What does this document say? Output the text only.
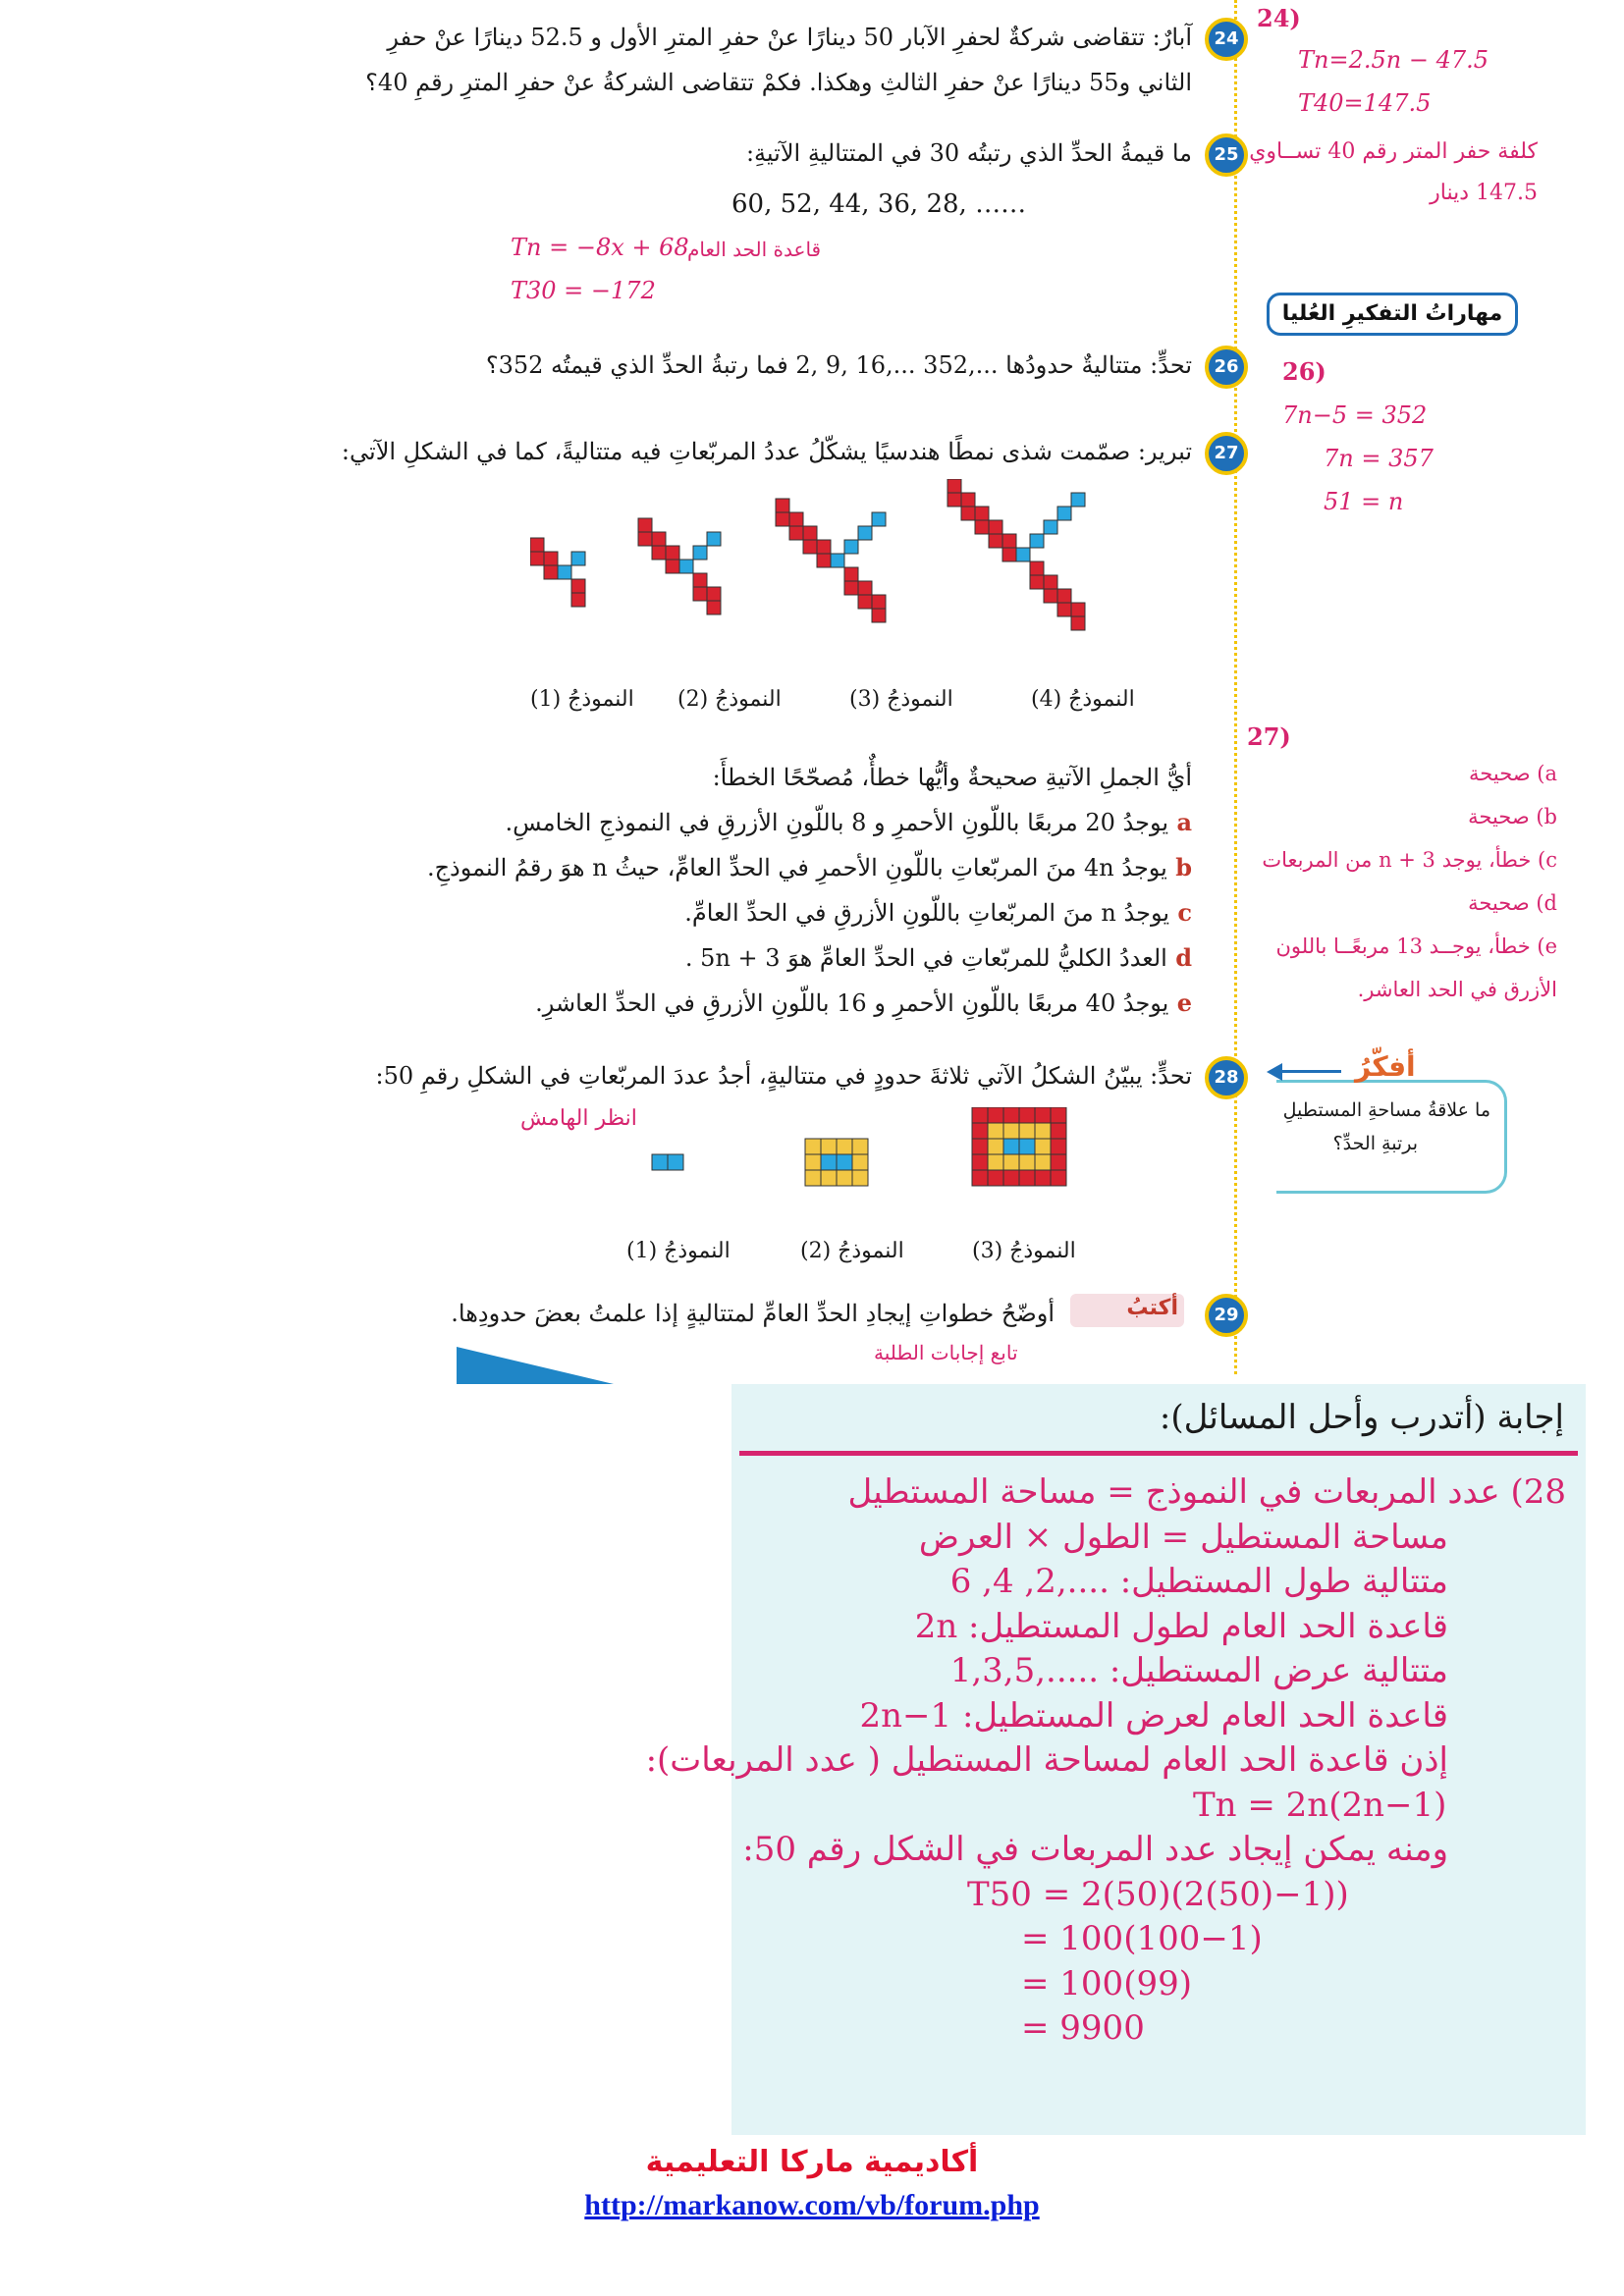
24
آبارٌ: تتقاضى شركةٌ لحفرِ الآبار 50 دينارًا عنْ حفرِ المترِ الأول و 52.5 دينارًا عنْ حفرِ
الثاني و55 دينارًا عنْ حفرِ الثالثِ وهكذا. فكمْ تتقاضى الشركةُ عنْ حفرِ المترِ رقمِ 40؟
25
ما قيمةُ الحدِّ الذي رتبتُه 30 في المتتاليةِ الآتيةِ:
60, 52, 44, 36, 28, ……
Tn = −8x + 68
قاعدة الحد العام
T30 = −172
مهاراتُ التفكيرِ العُليا
26
تحدٍّ: متتاليةٌ حدودُها ...,352 ...,16 ,9 ,2 فما رتبةُ الحدِّ الذي قيمتُه 352؟
27
تبرير: صمّمت شذى نمطًا هندسيًا يشكّلُ عددُ المربّعاتِ فيه متتاليةً، كما في الشكلِ الآتي:
النموذجُ (1) النموذجُ (2)	النموذجُ (3)	النموذجُ (4)
أيُّ الجملِ الآتيةِ صحيحةٌ وأيُّها خطأٌ، مُصحّحًا الخطأَ:
a يوجدُ 20 مربعًا باللّونِ الأحمرِ و 8 باللّونِ الأزرقِ في النموذجِ الخامسِ.
b يوجدُ 4n منَ المربّعاتِ باللّونِ الأحمرِ في الحدِّ العامِّ، حيثُ n هوَ رقمُ النموذجِ.
c يوجدُ n منَ المربّعاتِ باللّونِ الأزرقِ في الحدِّ العامِّ.
d العددُ الكليُّ للمربّعاتِ في الحدِّ العامِّ هوَ 5n + 3 .
e يوجدُ 40 مربعًا باللّونِ الأحمرِ و 16 باللّونِ الأزرقِ في الحدِّ العاشرِ.
28
تحدٍّ: يبيّنُ الشكلُ الآتي ثلاثةَ حدودٍ في متتاليةٍ، أجدُ عددَ المربّعاتِ في الشكلِ رقمِ 50:
انظر الهامش
النموذجُ (1)	النموذجُ (2)	النموذجُ (3)
أفكّرُ
ما علاقةُ مساحةِ المستطيلِ
برتبةِ الحدِّ؟
29
أكتبُ
أوضّحُ خطواتِ إيجادِ الحدِّ العامِّ لمتتاليةٍ إذا علمتُ بعضَ حدودِها.
تابع إجابات الطلبة
24)
Tn=2.5n − 47.5
T40=147.5
كلفة حفر المتر رقم 40 تســاوي
147.5 دينار
26)
7n−5 = 352
7n = 357
51 = n
27)
a) صحيحة
b) صحيحة
c) خطأ، يوجد 3 + n من المربعات
d) صحيحة
e) خطأ، يوجــد 13 مربعًــا باللون
الأزرق في الحد العاشر.
إجابة (أتدرب وأحل المسائل):
28) عدد المربعات في النموذج = مساحة المستطيل
مساحة المستطيل = الطول × العرض
متتالية طول المستطيل: ....,2, 4, 6
قاعدة الحد العام لطول المستطيل: 2n
متتالية عرض المستطيل: .....,1,3,5
قاعدة الحد العام لعرض المستطيل: 2n−1
إذن قاعدة الحد العام لمساحة المستطيل ( عدد المربعات):
Tn = 2n(2n−1)
ومنه يمكن إيجاد عدد المربعات في الشكل رقم 50:
T50 = 2(50)(2(50)−1))
= 100(100−1)
= 100(99)
= 9900
أكاديمية ماركا التعليمية
http://markanow.com/vb/forum.php
